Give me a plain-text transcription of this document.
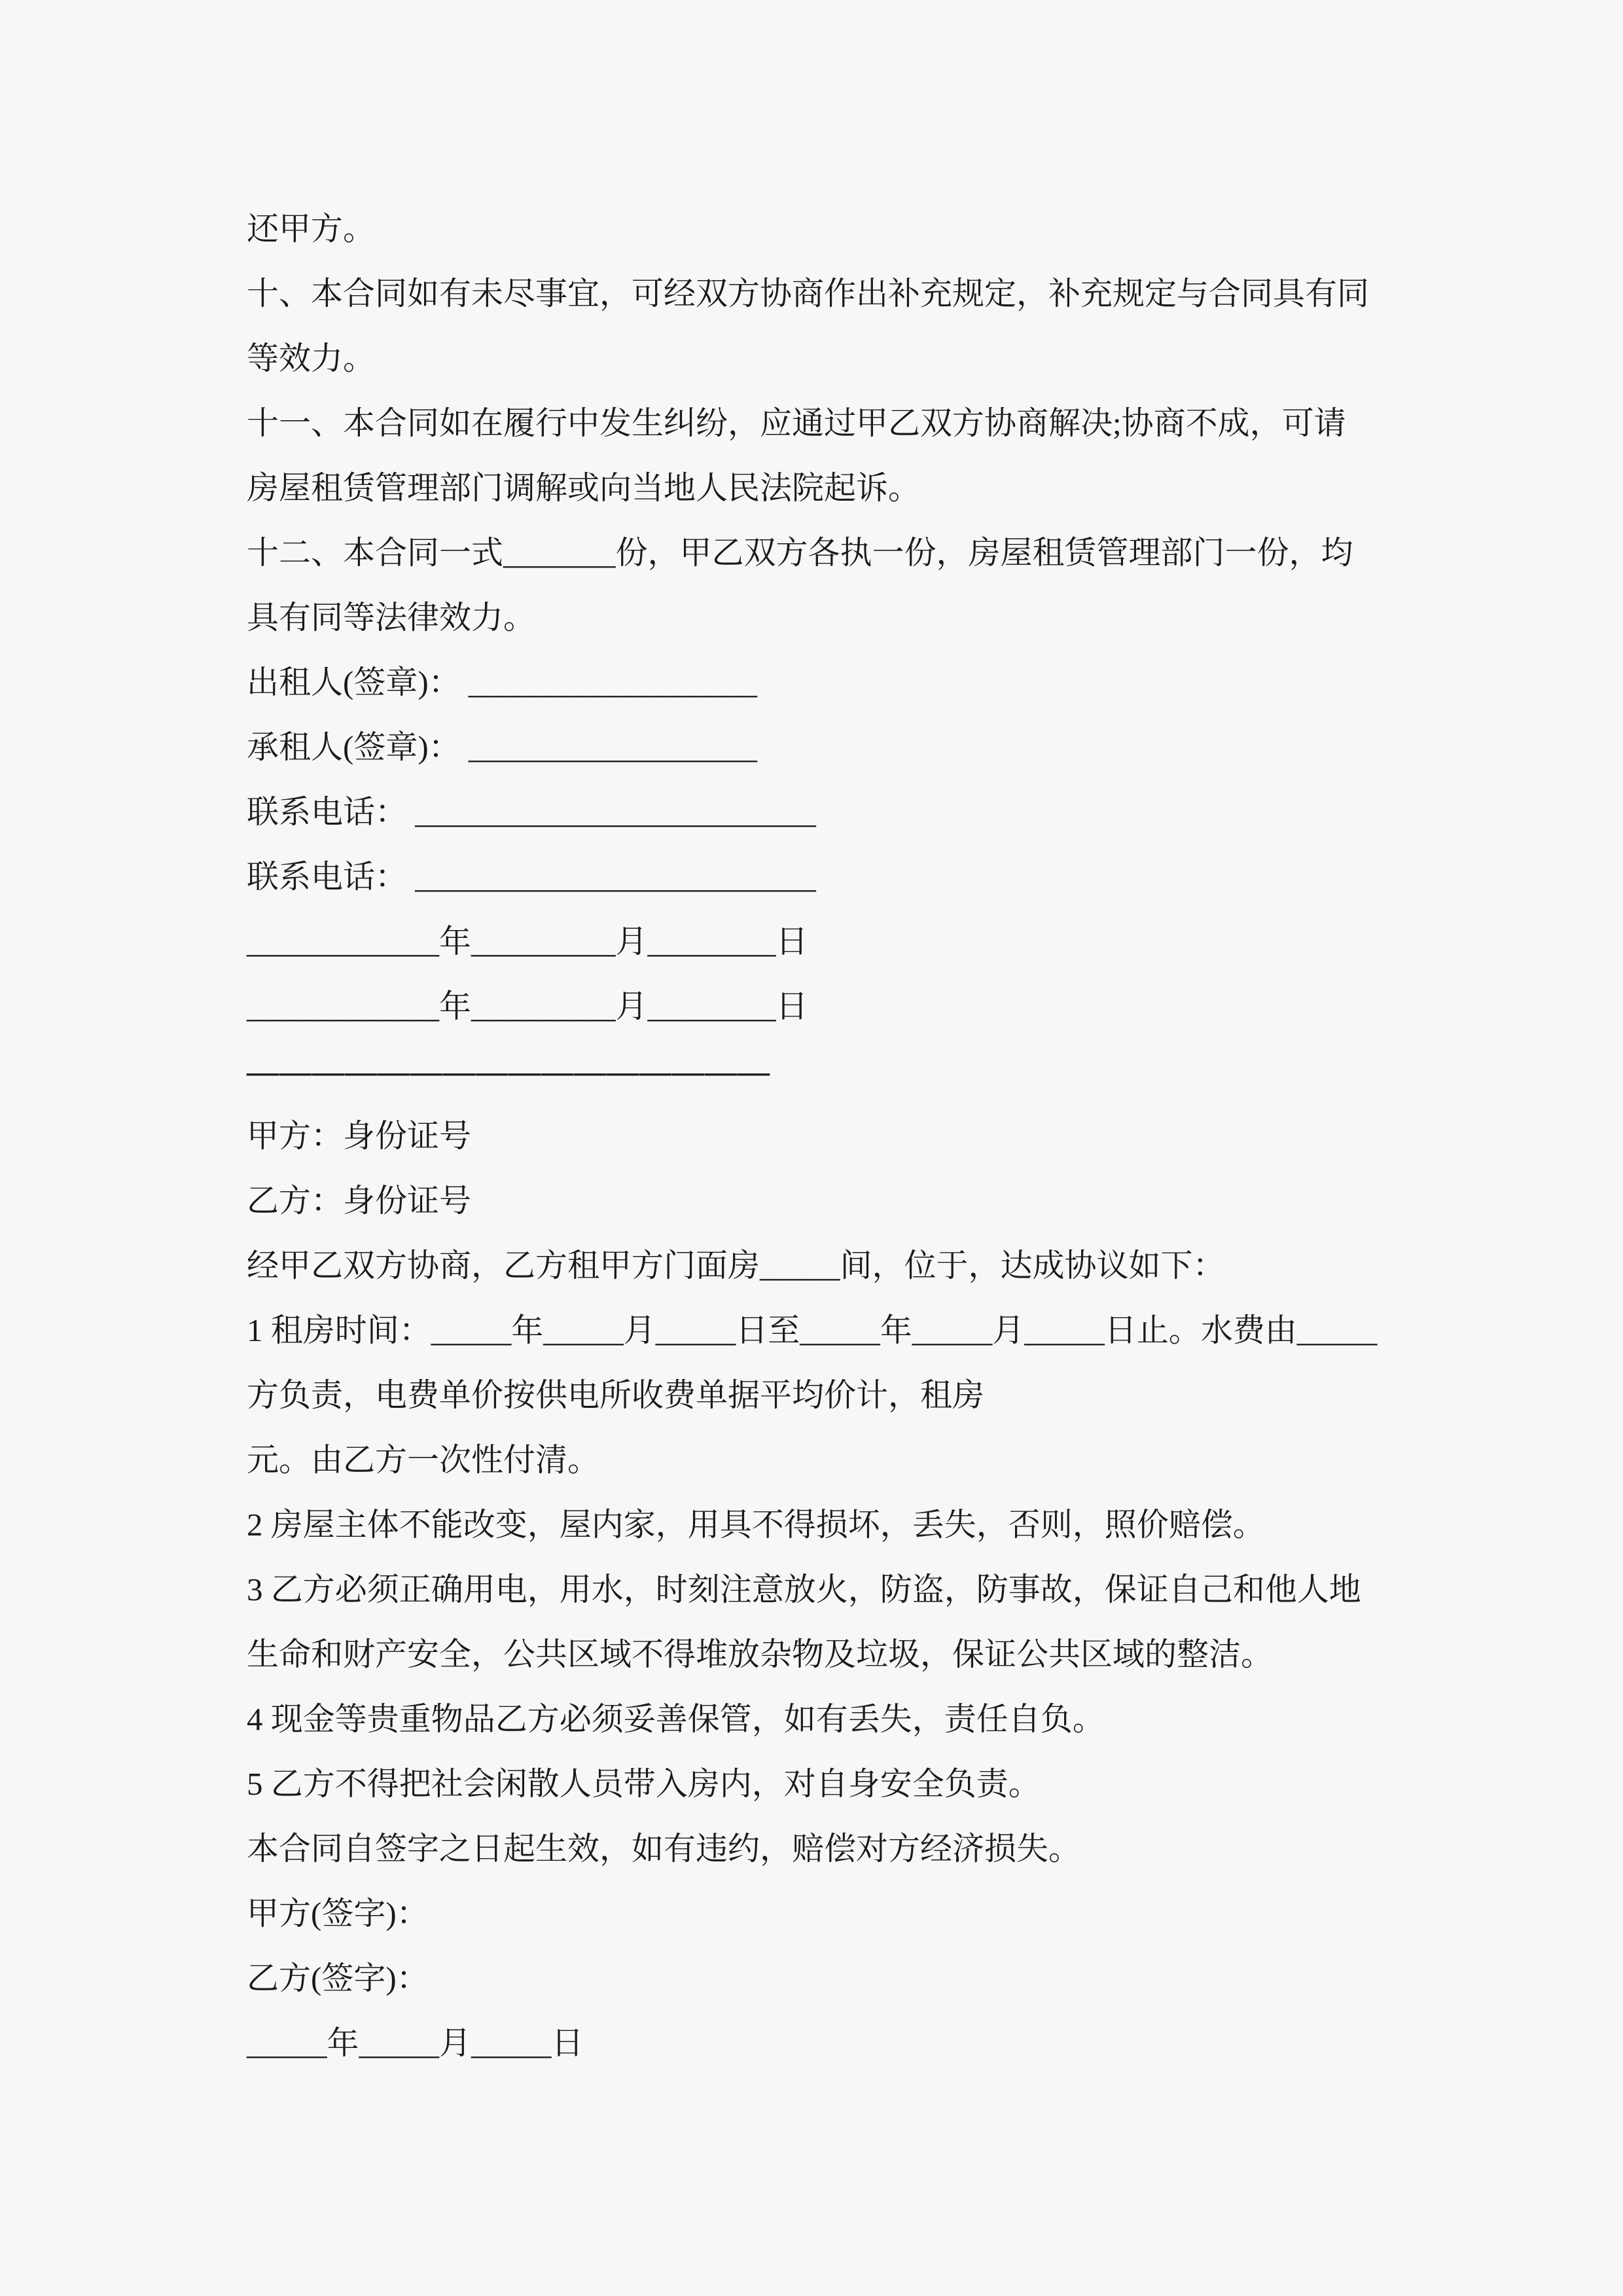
还甲方。

十、本合同如有未尽事宜，可经双方协商作出补充规定，补充规定与合同具有同

等效力。

十一、本合同如在履行中发生纠纷，应通过甲乙双方协商解决;协商不成，可请

房屋租赁管理部门调解或向当地人民法院起诉。

十二、本合同一式_______份，甲乙双方各执一份，房屋租赁管理部门一份，均

具有同等法律效力。

出租人(签章)： __________________

承租人(签章)： __________________

联系电话： _________________________

联系电话： _________________________

____________年_________月________日

____________年_________月________日

————————————————

甲方：身份证号

乙方：身份证号

经甲乙双方协商，乙方租甲方门面房_____间，位于，达成协议如下：

1 租房时间：_____年_____月_____日至_____年_____月_____日止。水费由_____

方负责，电费单价按供电所收费单据平均价计，租房

元。由乙方一次性付清。

2 房屋主体不能改变，屋内家，用具不得损坏，丢失，否则，照价赔偿。

3 乙方必须正确用电，用水，时刻注意放火，防盗，防事故，保证自己和他人地

生命和财产安全，公共区域不得堆放杂物及垃圾，保证公共区域的整洁。

4 现金等贵重物品乙方必须妥善保管，如有丢失，责任自负。

5 乙方不得把社会闲散人员带入房内，对自身安全负责。

本合同自签字之日起生效，如有违约，赔偿对方经济损失。

甲方(签字)：

乙方(签字)：

_____年_____月_____日
